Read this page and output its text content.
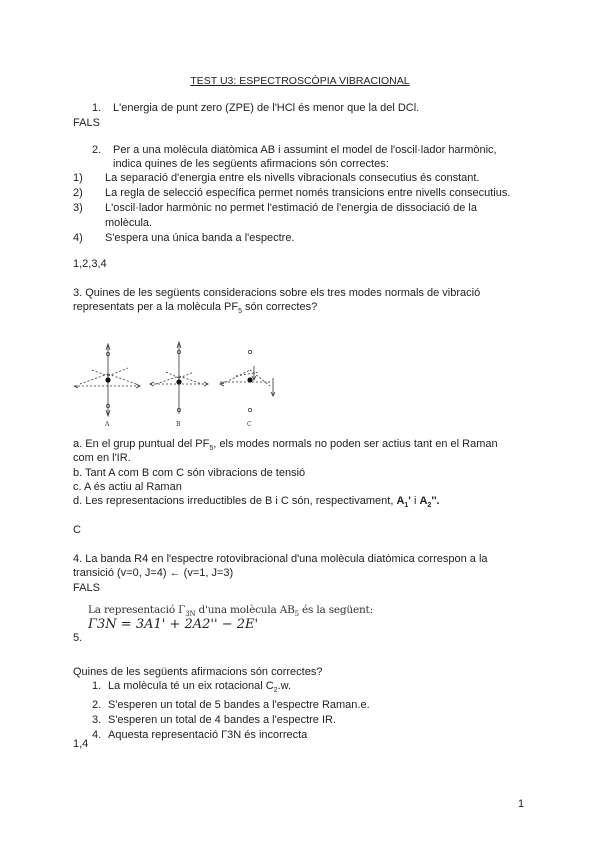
TEST U3: ESPECTROSCÒPIA VIBRACIONAL
1. L'energia de punt zero (ZPE) de l'HCl és menor que la del DCl.
FALS
2. Per a una molècula diatòmica AB i assumint el model de l'oscil·lador harmònic,
indica quines de les següents afirmacions són correctes:
1) La separació d'energia entre els nivells vibracionals consecutius és constant.
2) La regla de selecció específica permet només transicions entre nivells consecutius.
3) L'oscil·lador harmònic no permet l'estimació de l'energia de dissociació de la
molècula.
4) S'espera una única banda a l'espectre.
1,2,3,4
3. Quines de les següents consideracions sobre els tres modes normals de vibració
representats per a la molècula $PF_5$ són correctes?
A	B	C
a. En el grup puntual del $PF_5$, els modes normals no poden ser actius tant en el Raman
com en l'IR.
b. Tant A com B com C són vibracions de tensió
c. A és actiu al Raman
d. Les representacions irreductibles de B i C són, respectivament, $A_1'$ i $A_2''$.
C
4. La banda R4 en l'espectre rotovibracional d'una molècula diatòmica correspon a la
transició (v=0, J=4) ← (v=1, J=3)
FALS
La representació $\Gamma_{3N}$ d'una molècula $AB_5$ és la següent:
Γ3N = 3A1' + 2A2'' − 2E'
5.
Quines de les següents afirmacions són correctes?
1. La molècula té un eix rotacional $C_2.w$.
2. S'esperen un total de 5 bandes a l'espectre Raman.e.
3. S'esperen un total de 4 bandes a l'espectre IR.
4. Aquesta representació Γ3N és incorrecta
1,4
1
